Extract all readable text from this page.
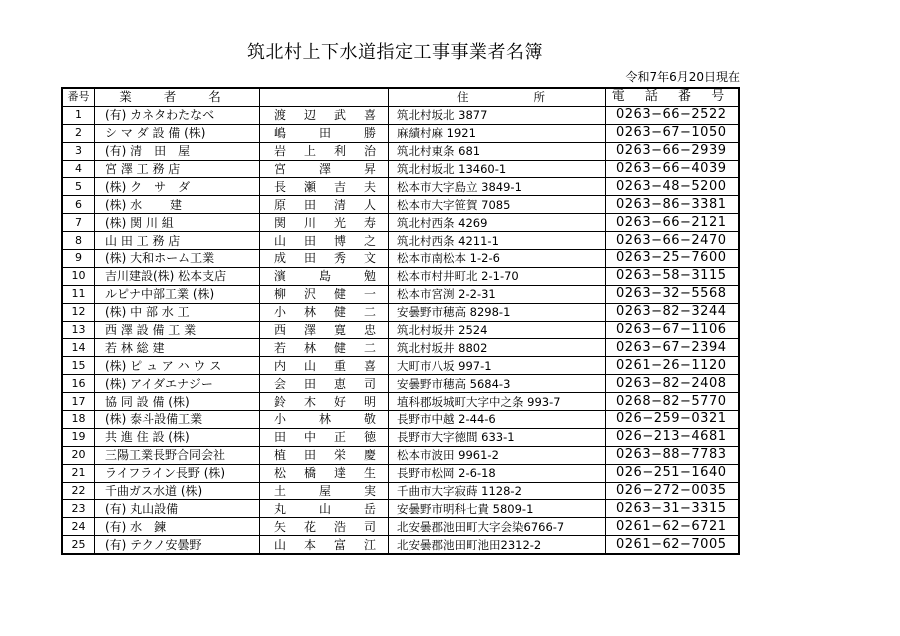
筑北村上下水道指定工事事業者名簿
令和7年6月20日現在
番号	業 者 名		住　所	電 話 番 号
1	(有) カネタわたなべ	渡 辺 武 喜	筑北村坂北 3877	0263−66−2522
2	シ マ ダ 設 備 (株)	嶋 田 勝	麻績村麻 1921	0263−67−1050
3	(有) 清　田　屋	岩 上 利 治	筑北村東条 681	0263−66−2939
4	宮 澤 工 務 店	宮 澤 昇	筑北村坂北 13460-1	0263−66−4039
5	(株) ク　サ　ダ	長 瀬 吉 夫	松本市大字島立 3849-1	0263−48−5200
6	(株) 水　　 建	原 田 清 人	松本市大字笹賀 7085	0263−86−3381
7	(株) 関 川 組	関 川 光 寿	筑北村西条 4269	0263−66−2121
8	山 田 工 務 店	山 田 博 之	筑北村西条 4211-1	0263−66−2470
9	(株) 大和ホーム工業	成 田 秀 文	松本市南松本 1-2-6	0263−25−7600
10	吉川建設(株) 松本支店	濱 島 勉	松本市村井町北 2-1-70	0263−58−3115
11	ルピナ中部工業 (株)	柳 沢 健 一	松本市宮渕 2-2-31	0263−32−5568
12	(株) 中 部 水 工	小 林 健 二	安曇野市穂高 8298-1	0263−82−3244
13	西 澤 設 備 工 業	西 澤 寛 忠	筑北村坂井 2524	0263−67−1106
14	若 林 総 建	若 林 健 二	筑北村坂井 8802	0263−67−2394
15	(株) ピ ュ ア ハ ウ ス	内 山 重 喜	大町市八坂 997-1	0261−26−1120
16	(株) アイダエナジー	会 田 恵 司	安曇野市穂高 5684-3	0263−82−2408
17	協 同 設 備 (株)	鈴 木 好 明	埴科郡坂城町大字中之条 993-7	0268−82−5770
18	(株) 泰斗設備工業	小 林 敬	長野市中越 2-44-6	026−259−0321
19	共 進 住 設 (株)	田 中 正 徳	長野市大字徳間 633-1	026−213−4681
20	三陽工業長野合同会社	植 田 栄 慶	松本市波田 9961-2	0263−88−7783
21	ライフライン長野 (株)	松 橋 達 生	長野市松岡 2-6-18	026−251−1640
22	千曲ガス水道 (株)	土 屋 実	千曲市大字寂蒔 1128-2	026−272−0035
23	(有) 丸山設備	丸 山 岳	安曇野市明科七貴 5809-1	0263−31−3315
24	(有) 水　鍊	矢 花 浩 司	北安曇郡池田町大字会染6766-7	0261−62−6721
25	(有) テクノ安曇野	山 本 富 江	北安曇郡池田町池田2312-2	0261−62−7005
